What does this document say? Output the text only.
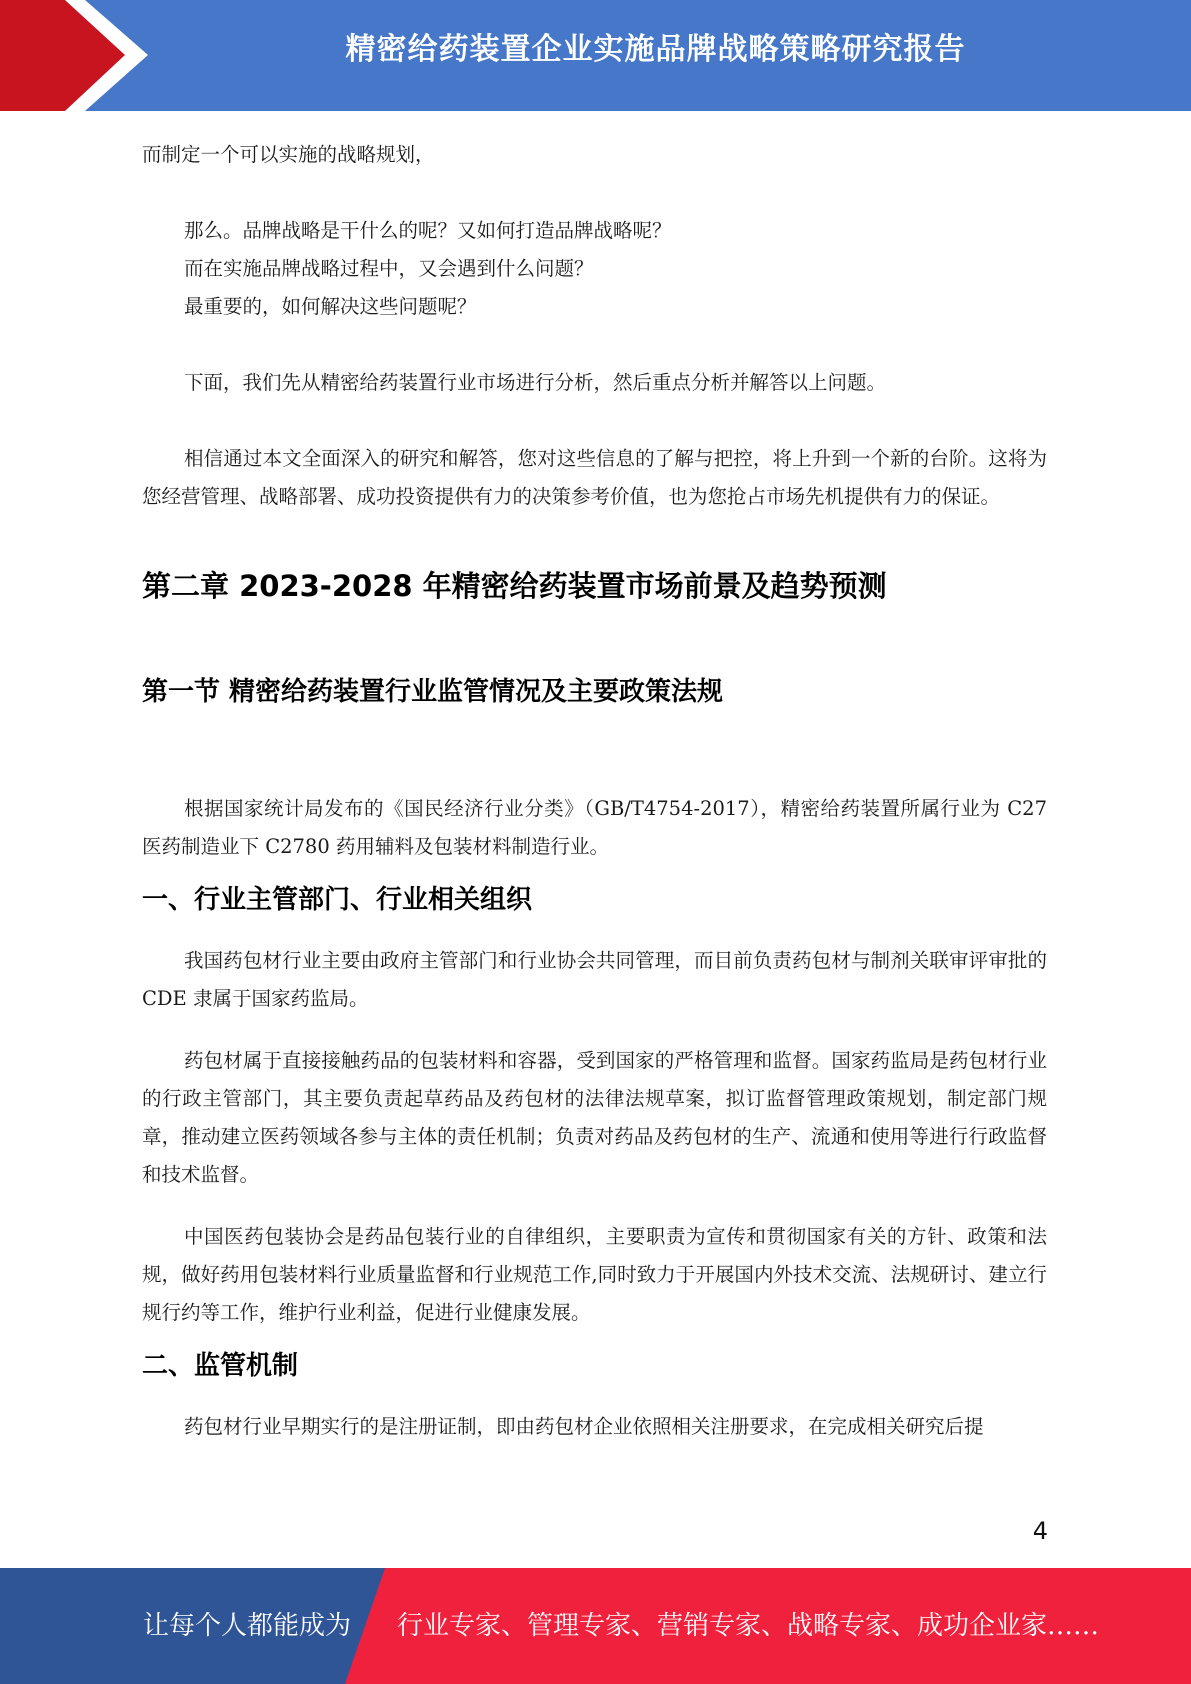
精密给药装置企业实施品牌战略策略研究报告

而制定一个可以实施的战略规划，

那么。品牌战略是干什么的呢？又如何打造品牌战略呢？

而在实施品牌战略过程中，又会遇到什么问题？

最重要的，如何解决这些问题呢？

下面，我们先从精密给药装置行业市场进行分析，然后重点分析并解答以上问题。

相信通过本文全面深入的研究和解答，您对这些信息的了解与把控，将上升到一个新的台阶。这将为您经营管理、战略部署、成功投资提供有力的决策参考价值，也为您抢占市场先机提供有力的保证。

第二章 2023-2028 年精密给药装置市场前景及趋势预测
第一节 精密给药装置行业监管情况及主要政策法规

根据国家统计局发布的《国民经济行业分类》（GB/T4754-2017），精密给药装置所属行业为 C27 医药制造业下 C2780 药用辅料及包装材料制造行业。

一、行业主管部门、行业相关组织

我国药包材行业主要由政府主管部门和行业协会共同管理，而目前负责药包材与制剂关联审评审批的 CDE 隶属于国家药监局。

药包材属于直接接触药品的包装材料和容器，受到国家的严格管理和监督。国家药监局是药包材行业的行政主管部门，其主要负责起草药品及药包材的法律法规草案，拟订监督管理政策规划，制定部门规章，推动建立医药领域各参与主体的责任机制；负责对药品及药包材的生产、流通和使用等进行行政监督和技术监督。

中国医药包装协会是药品包装行业的自律组织，主要职责为宣传和贯彻国家有关的方针、政策和法规，做好药用包装材料行业质量监督和行业规范工作,同时致力于开展国内外技术交流、法规研讨、建立行规行约等工作，维护行业利益，促进行业健康发展。

二、监管机制

药包材行业早期实行的是注册证制，即由药包材企业依照相关注册要求，在完成相关研究后提

4
让每个人都能成为 行业专家、管理专家、营销专家、战略专家、成功企业家……
